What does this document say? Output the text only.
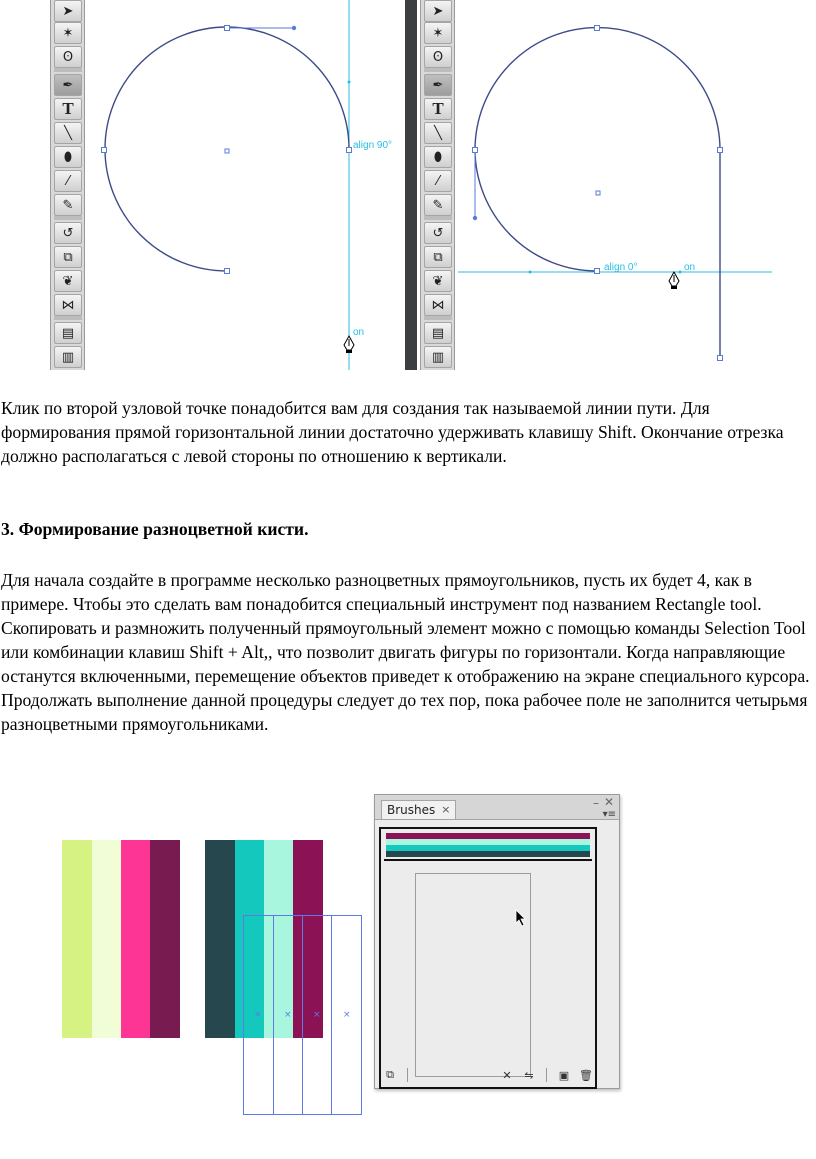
➤
✶
ʘ
✒
T
╲
⬮
⁄
✎
↺
⧉
❦
⋈
▤
▥
➤
✶
ʘ
✒
T
╲
⬮
⁄
✎
↺
⧉
❦
⋈
▤
▥
align 90°
on
align 0°	on

Клик по второй узловой точке понадобится вам для создания так называемой линии пути. Для формирования прямой горизонтальной линии достаточно удерживать клавишу Shift. Окончание отрезка должно располагаться с левой стороны по отношению к вертикали.

3. Формирование разноцветной кисти.

Для начала создайте в программе несколько разноцветных прямоугольников, пусть их будет 4, как в примере. Чтобы это сделать вам понадобится специальный инструмент под названием Rectangle tool. Скопировать и размножить полученный прямоугольный элемент можно с помощью команды Selection Tool или комбинации клавиш Shift + Alt,, что позволит двигать фигуры по горизонтали. Когда направляющие останутся включенными, перемещение объектов приведет к отображению на экране специального курсора. Продолжать выполнение данной процедуры следует до тех пор, пока рабочее поле не заполнится четырьмя разноцветными прямоугольниками.

× × × ×
Brushes ×	– ✕
▾≡
⧉	✕	⇋	▣ 🗑
